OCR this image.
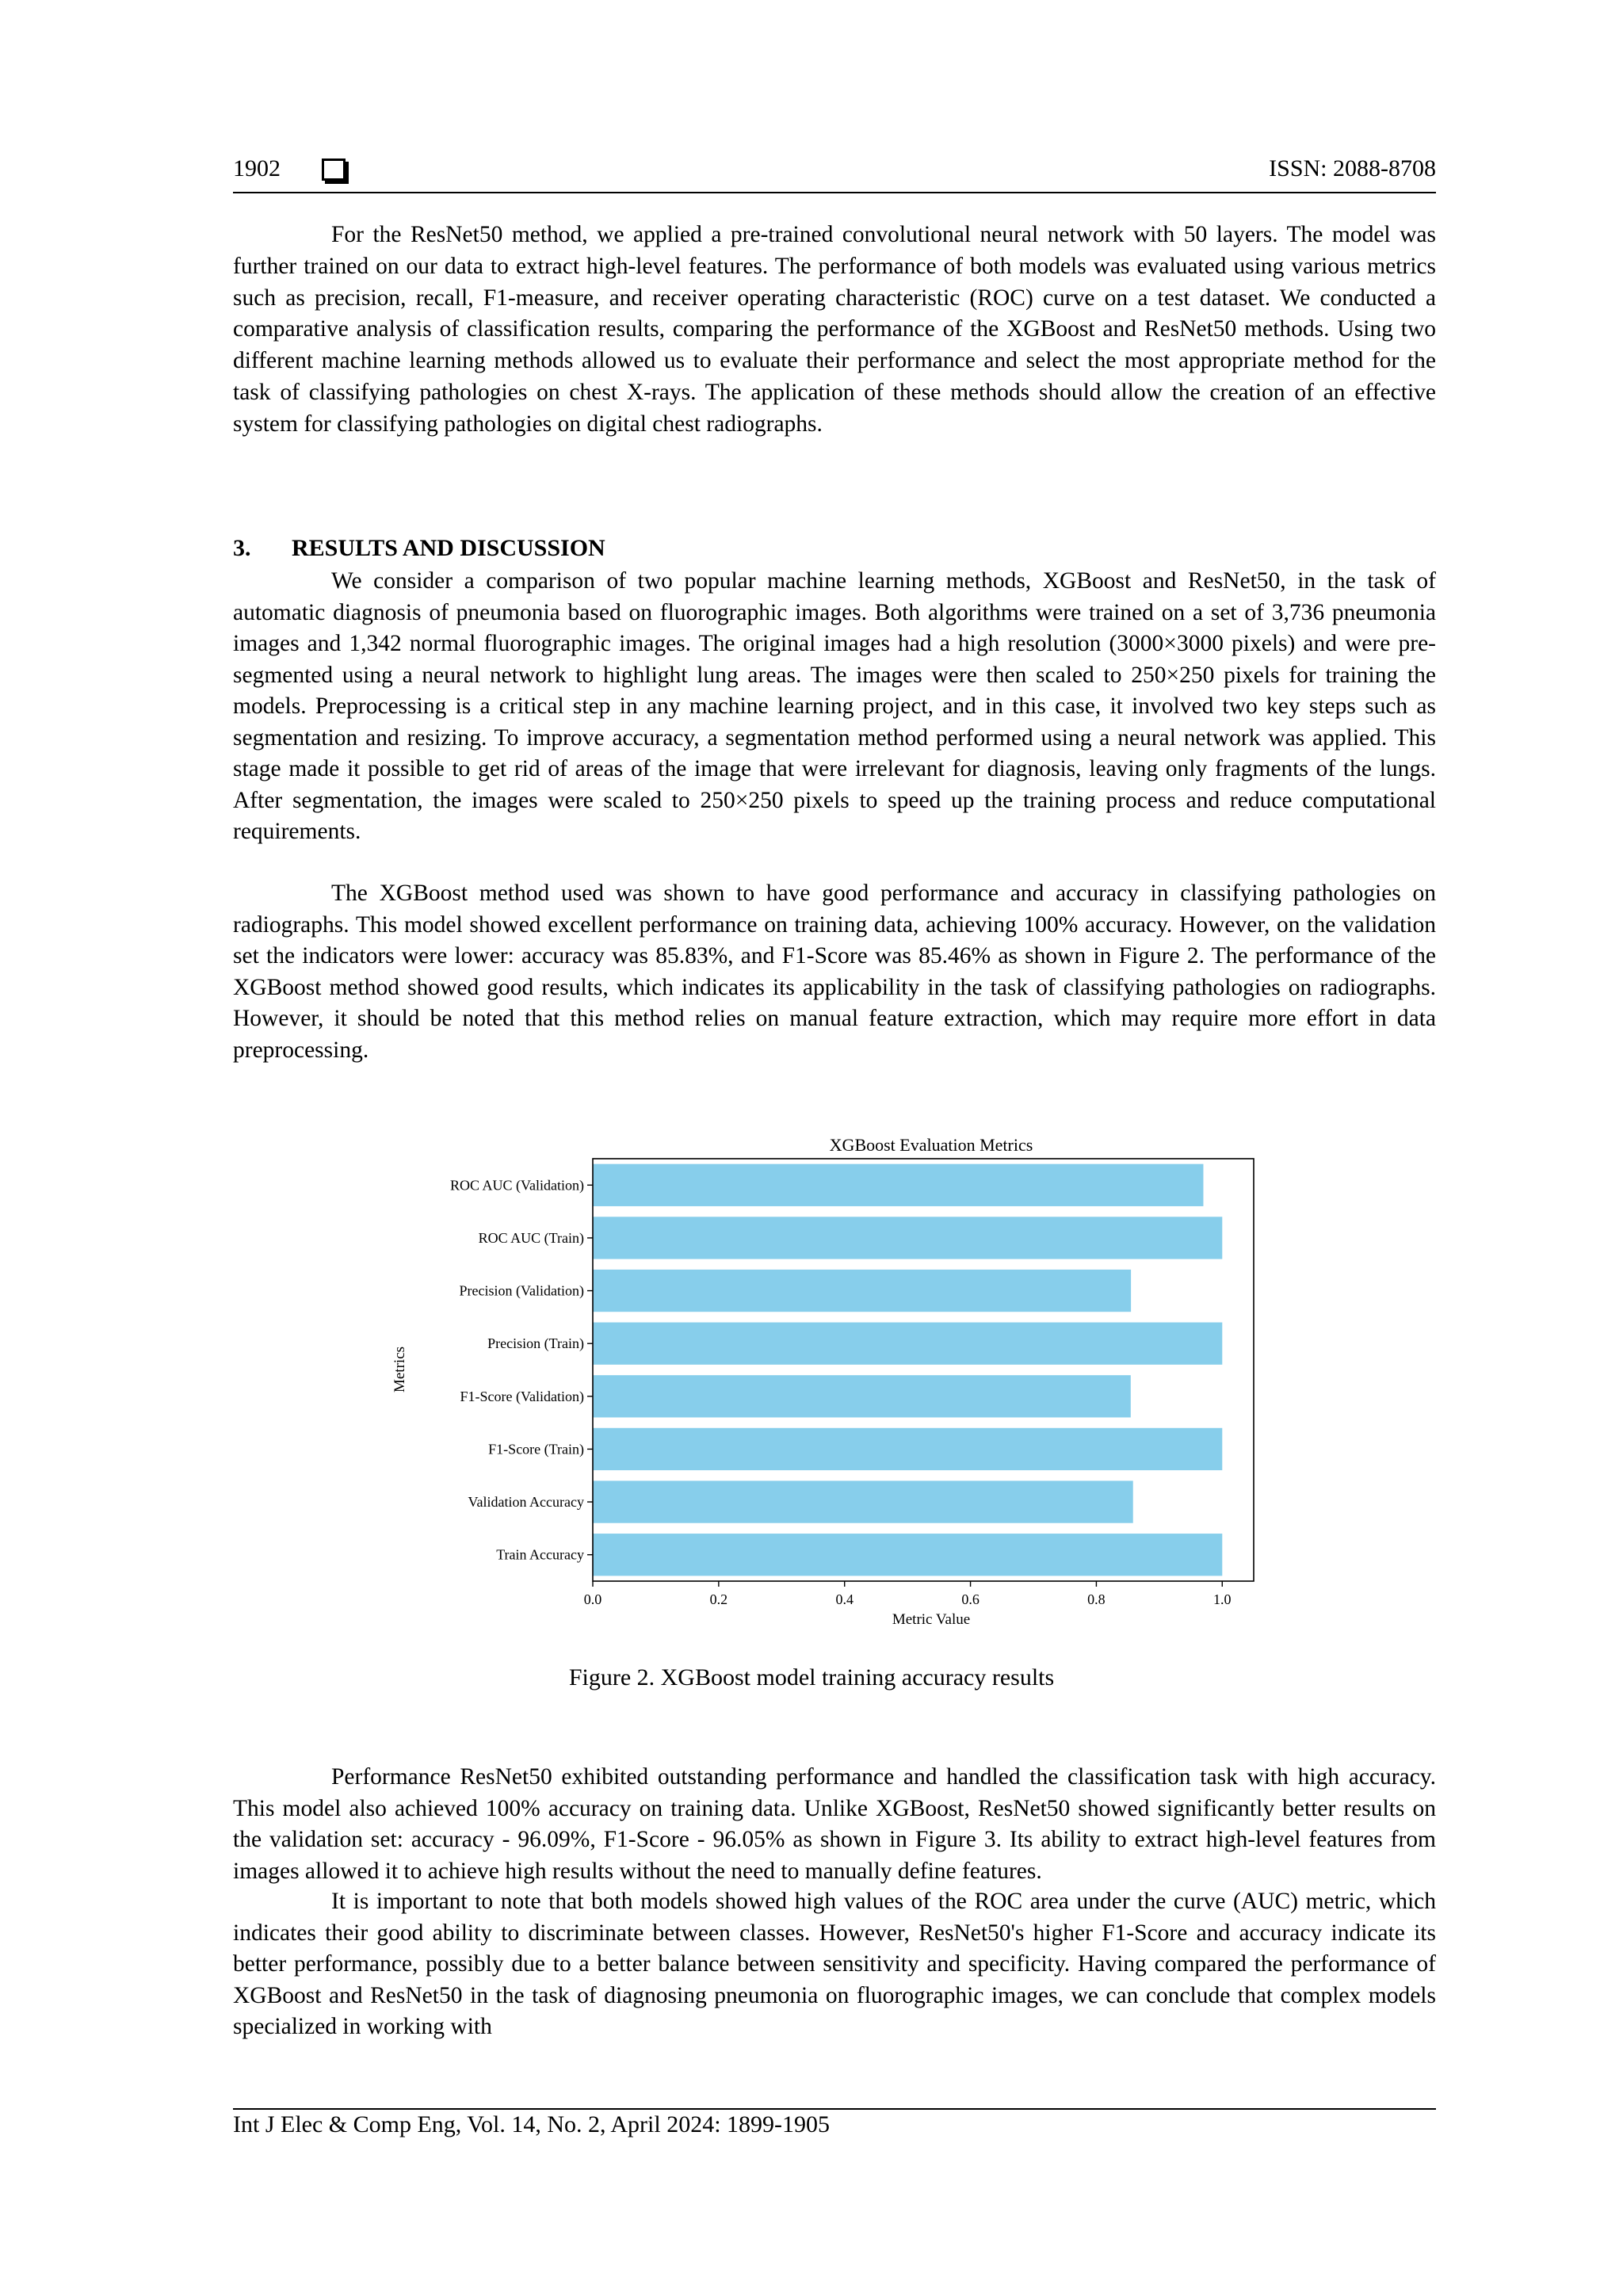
1902	ISSN: 2088-8708

For the ResNet50 method, we applied a pre-trained convolutional neural network with 50 layers. The model was further trained on our data to extract high-level features. The performance of both models was evaluated using various metrics such as precision, recall, F1-measure, and receiver operating characteristic (ROC) curve on a test dataset. We conducted a comparative analysis of classification results, comparing the performance of the XGBoost and ResNet50 methods. Using two different machine learning methods allowed us to evaluate their performance and select the most appropriate method for the task of classifying pathologies on chest X-rays. The application of these methods should allow the creation of an effective system for classifying pathologies on digital chest radiographs.

3. RESULTS AND DISCUSSION

We consider a comparison of two popular machine learning methods, XGBoost and ResNet50, in the task of automatic diagnosis of pneumonia based on fluorographic images. Both algorithms were trained on a set of 3,736 pneumonia images and 1,342 normal fluorographic images. The original images had a high resolution (3000×3000 pixels) and were pre-segmented using a neural network to highlight lung areas. The images were then scaled to 250×250 pixels for training the models. Preprocessing is a critical step in any machine learning project, and in this case, it involved two key steps such as segmentation and resizing. To improve accuracy, a segmentation method performed using a neural network was applied. This stage made it possible to get rid of areas of the image that were irrelevant for diagnosis, leaving only fragments of the lungs. After segmentation, the images were scaled to 250×250 pixels to speed up the training process and reduce computational requirements.

The XGBoost method used was shown to have good performance and accuracy in classifying pathologies on radiographs. This model showed excellent performance on training data, achieving 100% accuracy. However, on the validation set the indicators were lower: accuracy was 85.83%, and F1-Score was 85.46% as shown in Figure 2. The performance of the XGBoost method showed good results, which indicates its applicability in the task of classifying pathologies on radiographs. However, it should be noted that this method relies on manual feature extraction, which may require more effort in data preprocessing.

XGBoost Evaluation Metrics
ROC AUC (Validation)
ROC AUC (Train)
Precision (Validation)
Precision (Train)
F1-Score (Validation)
F1-Score (Train)
Validation Accuracy
Train Accuracy
0.0	0.2	0.4	0.6	0.8	1.0
Metric Value
Metrics
Figure 2. XGBoost model training accuracy results

Performance ResNet50 exhibited outstanding performance and handled the classification task with high accuracy. This model also achieved 100% accuracy on training data. Unlike XGBoost, ResNet50 showed significantly better results on the validation set: accuracy - 96.09%, F1-Score - 96.05% as shown in Figure 3. Its ability to extract high-level features from images allowed it to achieve high results without the need to manually define features.

It is important to note that both models showed high values of the ROC area under the curve (AUC) metric, which indicates their good ability to discriminate between classes. However, ResNet50's higher F1-Score and accuracy indicate its better performance, possibly due to a better balance between sensitivity and specificity. Having compared the performance of XGBoost and ResNet50 in the task of diagnosing pneumonia on fluorographic images, we can conclude that complex models specialized in working with

Int J Elec & Comp Eng, Vol. 14, No. 2, April 2024: 1899-1905
